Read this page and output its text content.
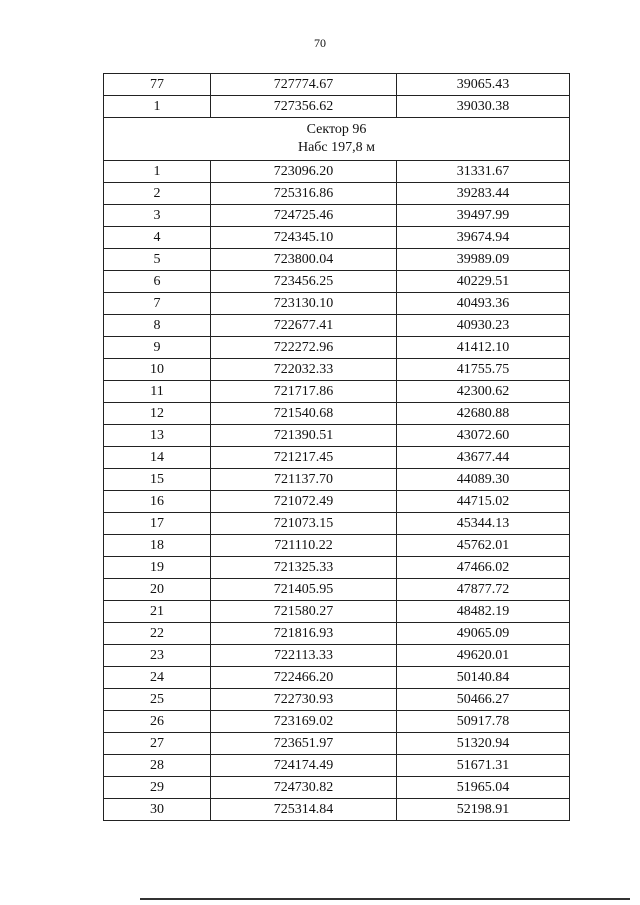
70
77	727774.67	39065.43
1	727356.62	39030.38

Сектор 96
Набс 197,8 м		

1	723096.20	31331.67
2	725316.86	39283.44
3	724725.46	39497.99
4	724345.10	39674.94
5	723800.04	39989.09
6	723456.25	40229.51
7	723130.10	40493.36
8	722677.41	40930.23
9	722272.96	41412.10
10	722032.33	41755.75
11	721717.86	42300.62
12	721540.68	42680.88
13	721390.51	43072.60
14	721217.45	43677.44
15	721137.70	44089.30
16	721072.49	44715.02
17	721073.15	45344.13
18	721110.22	45762.01
19	721325.33	47466.02
20	721405.95	47877.72
21	721580.27	48482.19
22	721816.93	49065.09
23	722113.33	49620.01
24	722466.20	50140.84
25	722730.93	50466.27
26	723169.02	50917.78
27	723651.97	51320.94
28	724174.49	51671.31
29	724730.82	51965.04
30	725314.84	52198.91
